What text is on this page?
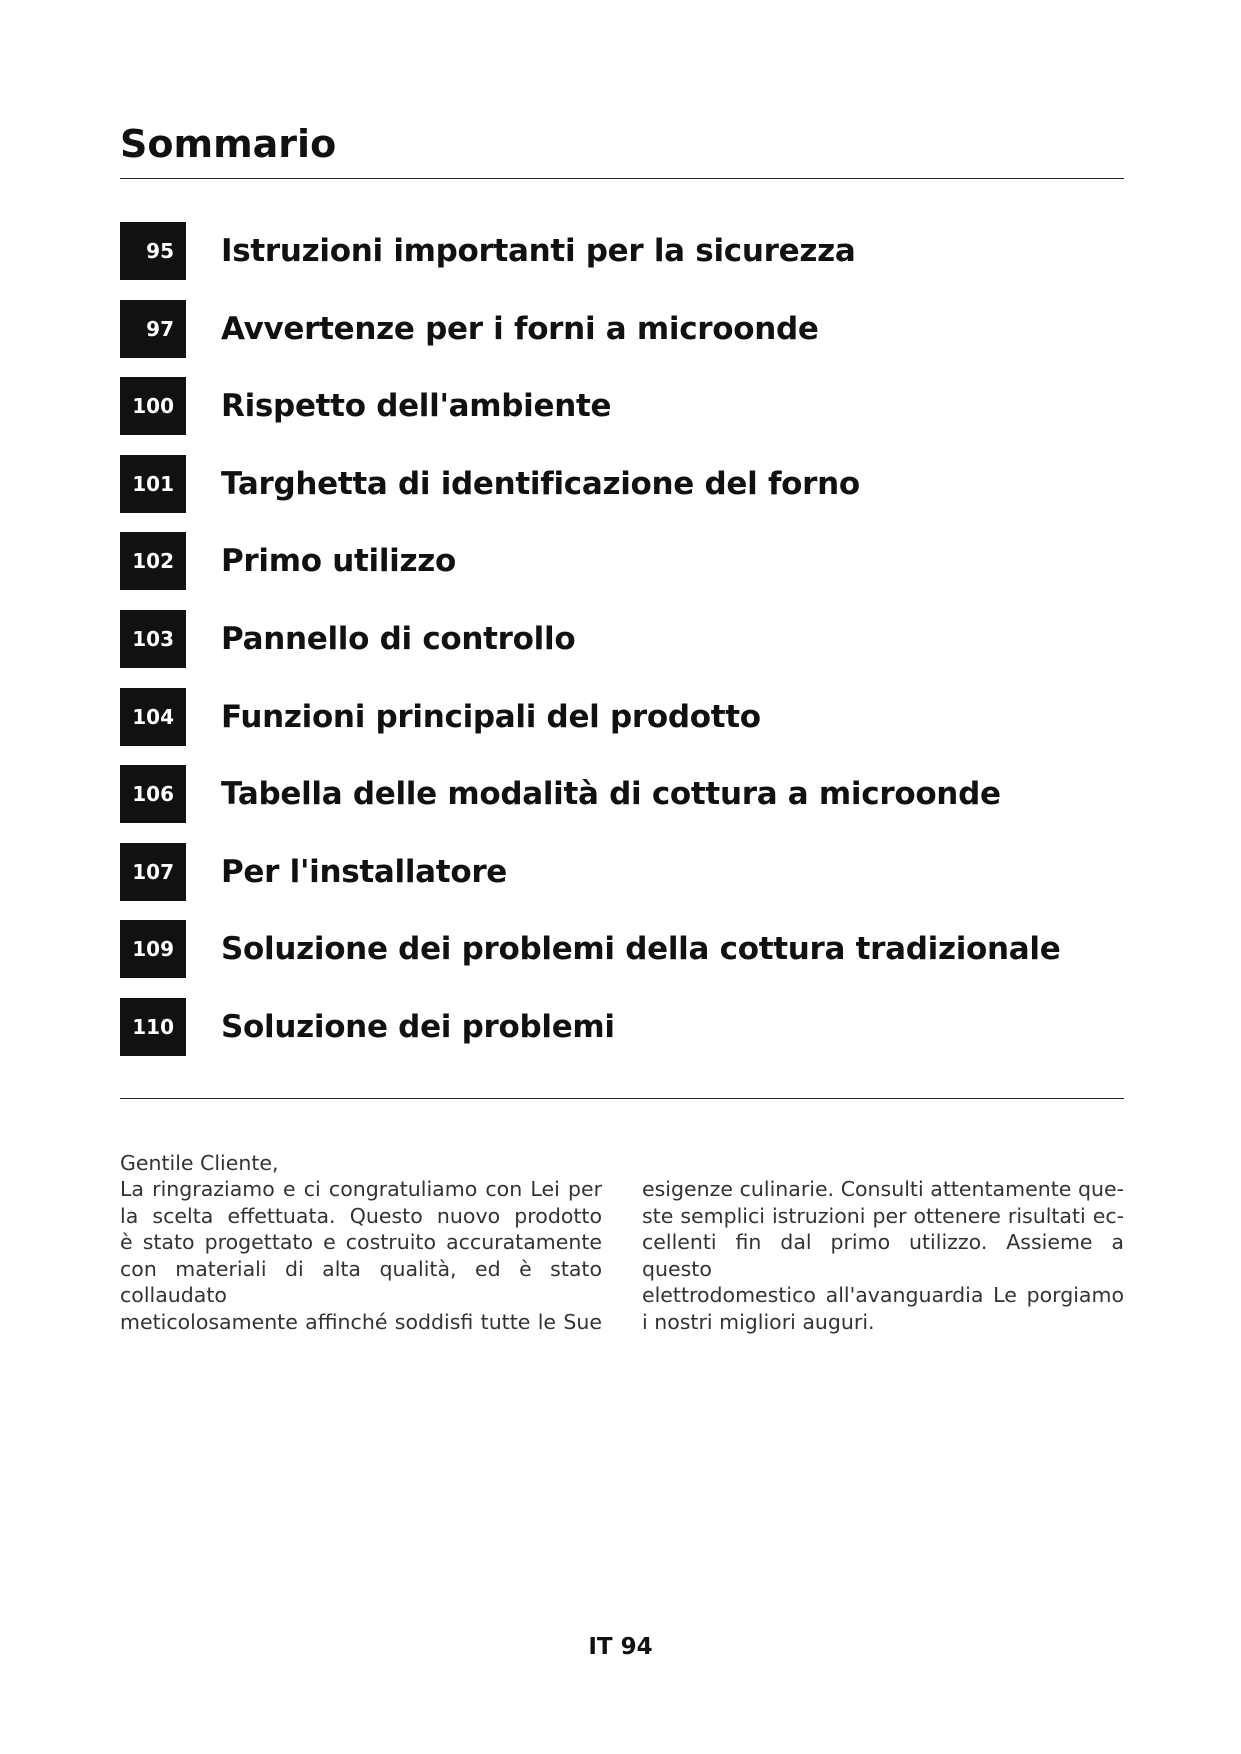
Sommario
95	Istruzioni importanti per la sicurezza
97	Avvertenze per i forni a microonde
100	Rispetto dell'ambiente
101	Targhetta di identificazione del forno
102	Primo utilizzo
103	Pannello di controllo
104	Funzioni principali del prodotto
106	Tabella delle modalità di cottura a microonde
107	Per l'installatore
109	Soluzione dei problemi della cottura tradizionale
110	Soluzione dei problemi

Gentile Cliente,

La ringraziamo e ci congratuliamo con Lei per
la scelta effettuata. Questo nuovo prodotto
è stato progettato e costruito accuratamente
con materiali di alta qualità, ed è stato collaudato
meticolosamente affinché soddisfi tutte le Sue
esigenze culinarie. Consulti attentamente que-
ste semplici istruzioni per ottenere risultati ec-
cellenti fin dal primo utilizzo. Assieme a questo
elettrodomestico all'avanguardia Le porgiamo
i nostri migliori auguri.
IT 94
